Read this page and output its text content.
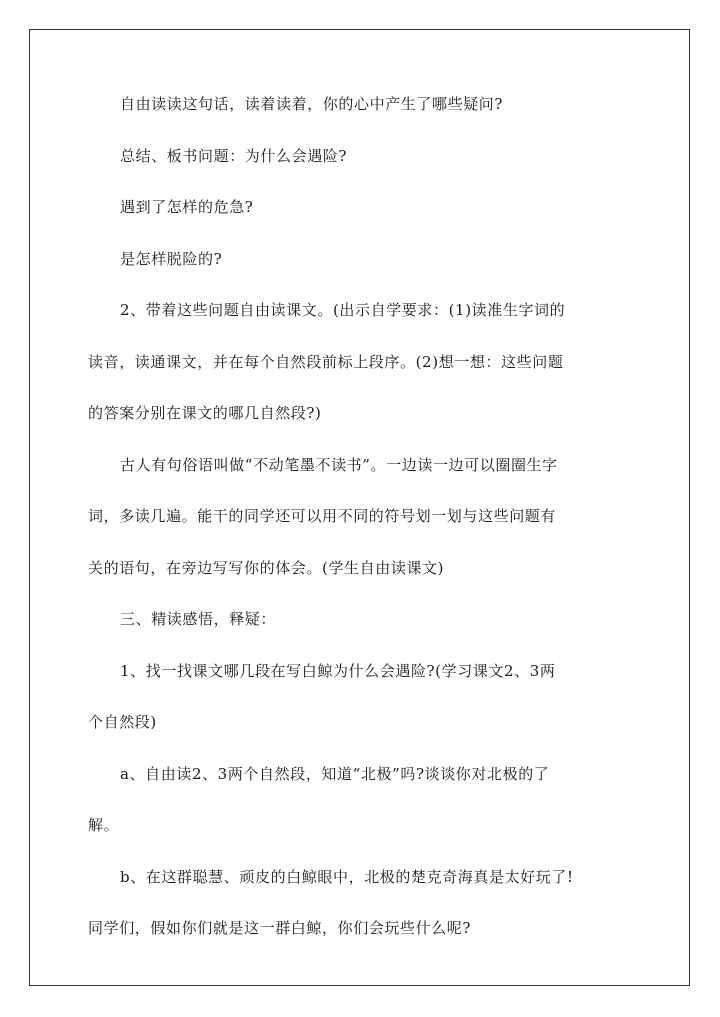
自由读读这句话，读着读着，你的心中产生了哪些疑问?
总结、板书问题：为什么会遇险?
遇到了怎样的危急?
是怎样脱险的?
2、带着这些问题自由读课文。(出示自学要求：(1)读准生字词的
读音，读通课文，并在每个自然段前标上段序。(2)想一想：这些问题
的答案分别在课文的哪几自然段?)
古人有句俗语叫做“不动笔墨不读书”。一边读一边可以圈圈生字
词，多读几遍。能干的同学还可以用不同的符号划一划与这些问题有
关的语句，在旁边写写你的体会。(学生自由读课文)
三、精读感悟，释疑：
1、找一找课文哪几段在写白鲸为什么会遇险?(学习课文2、3两
个自然段)
a、自由读2、3两个自然段，知道“北极”吗?谈谈你对北极的了
解。
b、在这群聪慧、顽皮的白鲸眼中，北极的楚克奇海真是太好玩了!
同学们，假如你们就是这一群白鲸，你们会玩些什么呢?
